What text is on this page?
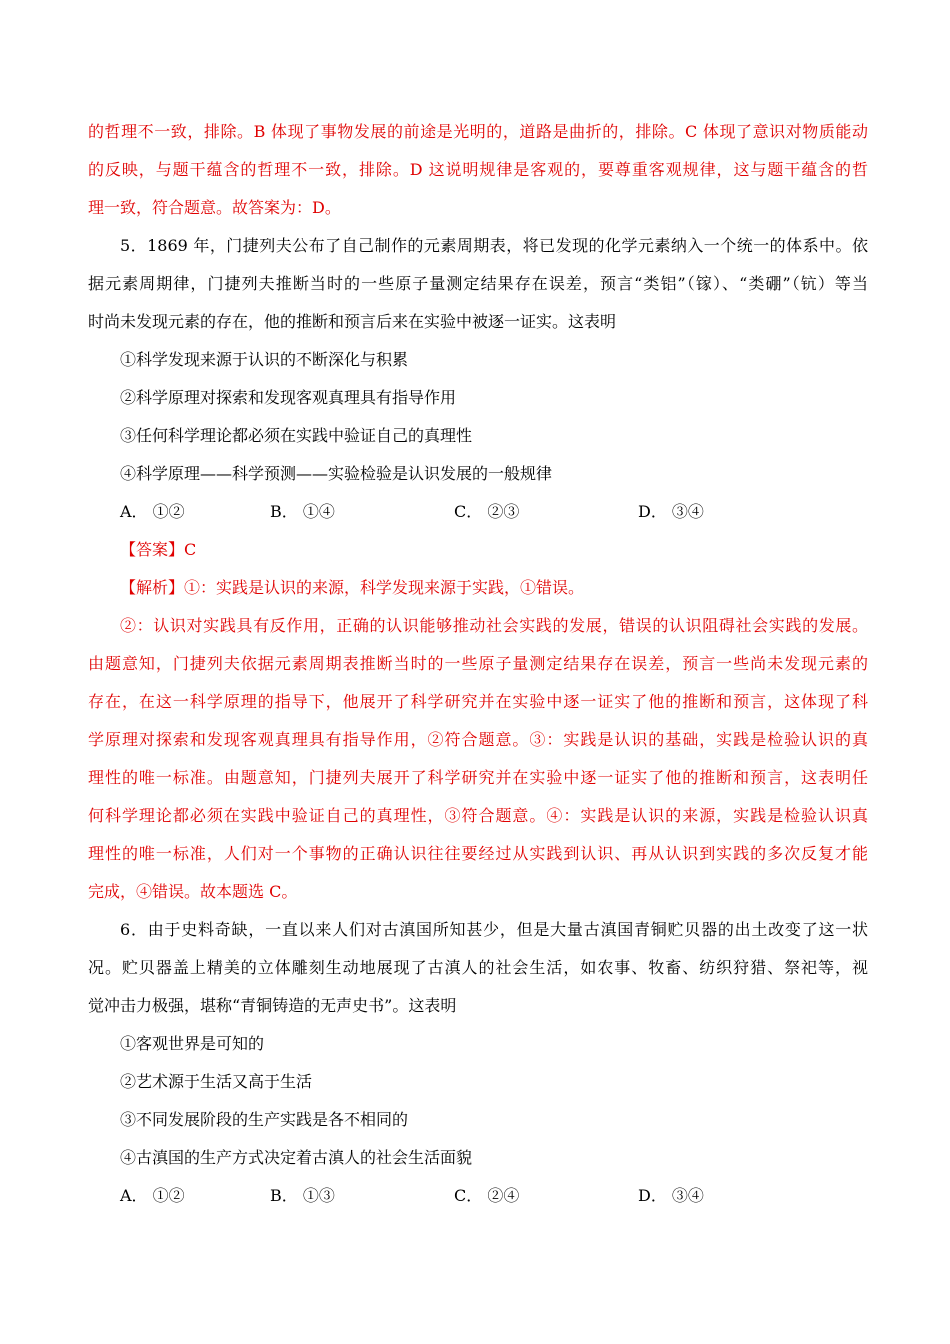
的哲理不一致，排除。B 体现了事物发展的前途是光明的，道路是曲折的，排除。C 体现了意识对物质能动
的反映，与题干蕴含的哲理不一致，排除。D 这说明规律是客观的，要尊重客观规律，这与题干蕴含的哲
理一致，符合题意。故答案为：D。
5．1869 年，门捷列夫公布了自己制作的元素周期表，将已发现的化学元素纳入一个统一的体系中。依
据元素周期律，门捷列夫推断当时的一些原子量测定结果存在误差，预言“类铝”（镓）、“类硼”（钪）等当
时尚未发现元素的存在，他的推断和预言后来在实验中被逐一证实。这表明
①科学发现来源于认识的不断深化与积累
②科学原理对探索和发现客观真理具有指导作用
③任何科学理论都必须在实践中验证自己的真理性
④科学原理——科学预测——实验检验是认识发展的一般规律
A． ①②	B． ①④	C． ②③	D． ③④
【答案】C
【解析】①：实践是认识的来源，科学发现来源于实践，①错误。
②：认识对实践具有反作用，正确的认识能够推动社会实践的发展，错误的认识阻碍社会实践的发展。
由题意知，门捷列夫依据元素周期表推断当时的一些原子量测定结果存在误差，预言一些尚未发现元素的
存在，在这一科学原理的指导下，他展开了科学研究并在实验中逐一证实了他的推断和预言，这体现了科
学原理对探索和发现客观真理具有指导作用，②符合题意。③：实践是认识的基础，实践是检验认识的真
理性的唯一标准。由题意知，门捷列夫展开了科学研究并在实验中逐一证实了他的推断和预言，这表明任
何科学理论都必须在实践中验证自己的真理性，③符合题意。④：实践是认识的来源，实践是检验认识真
理性的唯一标准，人们对一个事物的正确认识往往要经过从实践到认识、再从认识到实践的多次反复才能
完成，④错误。故本题选 C。
6．由于史料奇缺，一直以来人们对古滇国所知甚少，但是大量古滇国青铜贮贝器的出土改变了这一状
况。贮贝器盖上精美的立体雕刻生动地展现了古滇人的社会生活，如农事、牧畜、纺织狩猎、祭祀等，视
觉冲击力极强，堪称“青铜铸造的无声史书”。这表明
①客观世界是可知的
②艺术源于生活又高于生活
③不同发展阶段的生产实践是各不相同的
④古滇国的生产方式决定着古滇人的社会生活面貌
A． ①②	B． ①③	C． ②④	D． ③④
